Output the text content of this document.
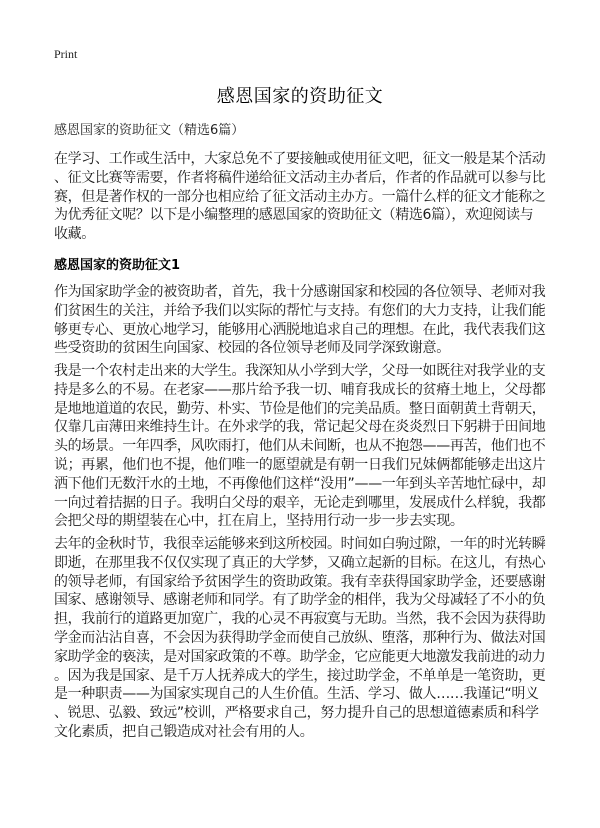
Print
感恩国家的资助征文
感恩国家的资助征文（精选6篇）
在学习、工作或生活中，大家总免不了要接触或使用征文吧，征文一般是某个活动
、征文比赛等需要，作者将稿件递给征文活动主办者后，作者的作品就可以参与比
赛，但是著作权的一部分也相应给了征文活动主办方。一篇什么样的征文才能称之
为优秀征文呢？以下是小编整理的感恩国家的资助征文（精选6篇），欢迎阅读与
收藏。
感恩国家的资助征文1
作为国家助学金的被资助者，首先，我十分感谢国家和校园的各位领导、老师对我
们贫困生的关注，并给予我们以实际的帮忙与支持。有您们的大力支持，让我们能
够更专心、更放心地学习，能够用心洒脱地追求自己的理想。在此，我代表我们这
些受资助的贫困生向国家、校园的各位领导老师及同学深致谢意。
我是一个农村走出来的大学生。我深知从小学到大学，父母一如既往对我学业的支
持是多么的不易。在老家——那片给予我一切、哺育我成长的贫瘠土地上，父母都
是地地道道的农民，勤劳、朴实、节俭是他们的完美品质。整日面朝黄土背朝天，
仅靠几亩薄田来维持生计。在外求学的我，常记起父母在炎炎烈日下躬耕于田间地
头的场景。一年四季，风吹雨打，他们从未间断，也从不抱怨——再苦，他们也不
说；再累，他们也不提，他们唯一的愿望就是有朝一日我们兄妹俩都能够走出这片
洒下他们无数汗水的土地，不再像他们这样“没用”——一年到头辛苦地忙碌中，却
一向过着拮据的日子。我明白父母的艰辛，无论走到哪里，发展成什么样貌，我都
会把父母的期望装在心中，扛在肩上，坚持用行动一步一步去实现。
去年的金秋时节，我很幸运能够来到这所校园。时间如白驹过隙，一年的时光转瞬
即逝，在那里我不仅仅实现了真正的大学梦，又确立起新的目标。在这儿，有热心
的领导老师，有国家给予贫困学生的资助政策。我有幸获得国家助学金，还要感谢
国家、感谢领导、感谢老师和同学。有了助学金的相伴，我为父母减轻了不小的负
担，我前行的道路更加宽广，我的心灵不再寂寞与无助。当然，我不会因为获得助
学金而沾沾自喜，不会因为获得助学金而使自己放纵、堕落，那种行为、做法对国
家助学金的亵渎，是对国家政策的不尊。助学金，它应能更大地激发我前进的动力
。因为我是国家、是千万人抚养成大的学生，接过助学金，不单单是一笔资助，更
是一种职责——为国家实现自己的人生价值。生活、学习、做人……我谨记“明义
、锐思、弘毅、致远”校训，严格要求自己，努力提升自己的思想道德素质和科学
文化素质，把自己锻造成对社会有用的人。
